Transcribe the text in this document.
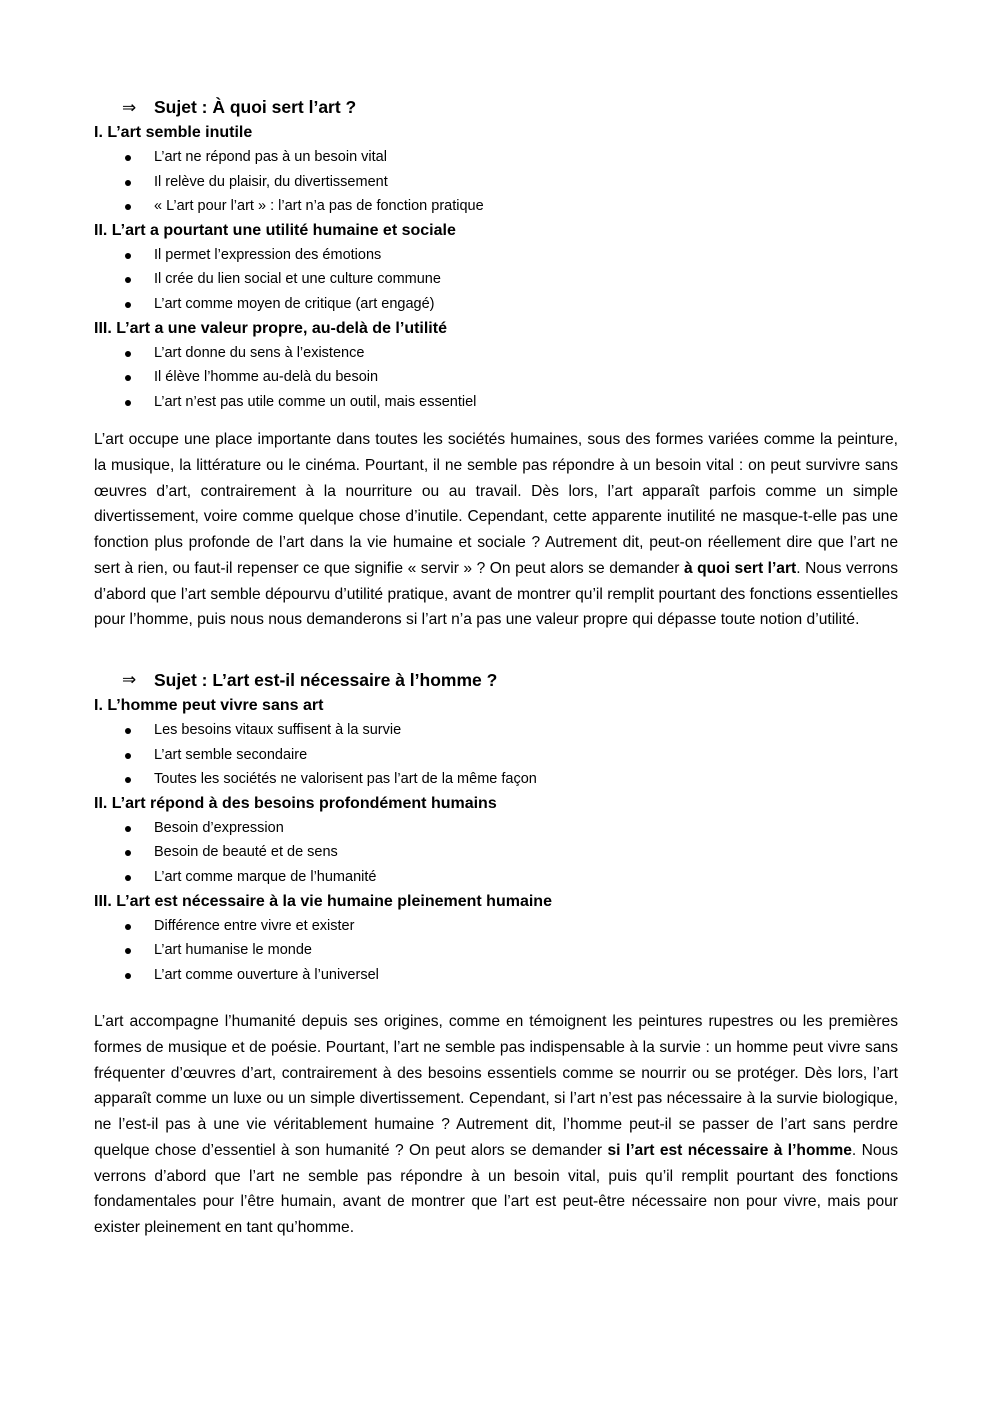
⇒	Sujet : À quoi sert l’art ?
I. L’art semble inutile
L’art ne répond pas à un besoin vital
Il relève du plaisir, du divertissement
« L’art pour l’art » : l’art n’a pas de fonction pratique
II. L’art a pourtant une utilité humaine et sociale
Il permet l’expression des émotions
Il crée du lien social et une culture commune
L’art comme moyen de critique (art engagé)
III. L’art a une valeur propre, au-delà de l’utilité
L’art donne du sens à l’existence
Il élève l’homme au-delà du besoin
L’art n’est pas utile comme un outil, mais essentiel

L’art occupe une place importante dans toutes les sociétés humaines, sous des formes variées comme la peinture, la musique, la littérature ou le cinéma. Pourtant, il ne semble pas répondre à un besoin vital : on peut survivre sans œuvres d’art, contrairement à la nourriture ou au travail. Dès lors, l’art apparaît parfois comme un simple divertissement, voire comme quelque chose d’inutile. Cependant, cette apparente inutilité ne masque-t-elle pas une fonction plus profonde de l’art dans la vie humaine et sociale ? Autrement dit, peut-on réellement dire que l’art ne sert à rien, ou faut-il repenser ce que signifie « servir » ? On peut alors se demander à quoi sert l’art. Nous verrons d’abord que l’art semble dépourvu d’utilité pratique, avant de montrer qu’il remplit pourtant des fonctions essentielles pour l’homme, puis nous nous demanderons si l’art n’a pas une valeur propre qui dépasse toute notion d’utilité.

⇒	Sujet : L’art est-il nécessaire à l’homme ?
I. L’homme peut vivre sans art
Les besoins vitaux suffisent à la survie
L’art semble secondaire
Toutes les sociétés ne valorisent pas l’art de la même façon
II. L’art répond à des besoins profondément humains
Besoin d’expression
Besoin de beauté et de sens
L’art comme marque de l’humanité
III. L’art est nécessaire à la vie humaine pleinement humaine
Différence entre vivre et exister
L’art humanise le monde
L’art comme ouverture à l’universel

L’art accompagne l’humanité depuis ses origines, comme en témoignent les peintures rupestres ou les premières formes de musique et de poésie. Pourtant, l’art ne semble pas indispensable à la survie : un homme peut vivre sans fréquenter d’œuvres d’art, contrairement à des besoins essentiels comme se nourrir ou se protéger. Dès lors, l’art apparaît comme un luxe ou un simple divertissement. Cependant, si l’art n’est pas nécessaire à la survie biologique, ne l’est-il pas à une vie véritablement humaine ? Autrement dit, l’homme peut-il se passer de l’art sans perdre quelque chose d’essentiel à son humanité ? On peut alors se demander si l’art est nécessaire à l’homme. Nous verrons d’abord que l’art ne semble pas répondre à un besoin vital, puis qu’il remplit pourtant des fonctions fondamentales pour l’être humain, avant de montrer que l’art est peut-être nécessaire non pour vivre, mais pour exister pleinement en tant qu’homme.
